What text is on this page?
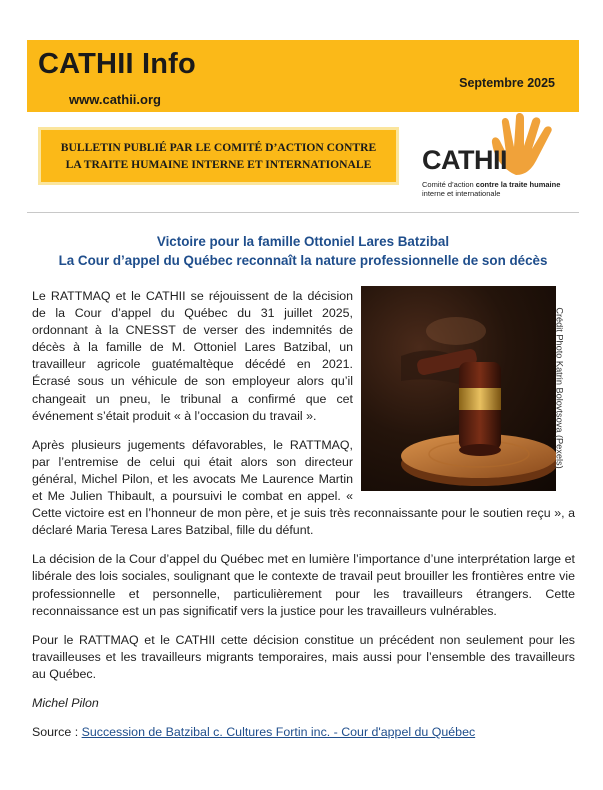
CATHII Info
www.cathii.org
Septembre 2025
BULLETIN PUBLIÉ PAR LE COMITÉ D’ACTION CONTRE
LA TRAITE HUMAINE INTERNE ET INTERNATIONALE CATHII
Comité d’action contre la traite humaine
interne et internationale
Victoire pour la famille Ottoniel Lares Batzibal
La Cour d’appel du Québec reconnaît la nature professionnelle de son décès
Crédit Photo Katrin Bolovtsova (Pexels)

Le RATTMAQ et le CATHII se réjouissent de la décision de la Cour d’appel du Québec du 31 juillet 2025, ordonnant à la CNESST de verser des indemnités de décès à la famille de M. Ottoniel Lares Batzibal, un travailleur agricole guatémaltèque décédé en 2021. Écrasé sous un véhicule de son employeur alors qu’il changeait un pneu, le tribunal a confirmé que cet événement s’était produit « à l’occasion du travail ».

Après plusieurs jugements défavorables, le RATTMAQ, par l’entremise de celui qui était alors son directeur général, Michel Pilon, et les avocats Me Laurence Martin et Me Julien Thibault, a poursuivi le combat en appel. « Cette victoire est en l’honneur de mon père, et je suis très reconnaissante pour le soutien reçu », a déclaré Maria Teresa Lares Batzibal, fille du défunt.

La décision de la Cour d’appel du Québec met en lumière l’importance d’une interprétation large et libérale des lois sociales, soulignant que le contexte de travail peut brouiller les frontières entre vie professionnelle et personnelle, particulièrement pour les travailleurs étrangers. Cette reconnaissance est un pas significatif vers la justice pour les travailleurs vulnérables.

Pour le RATTMAQ et le CATHII cette décision constitue un précédent non seulement pour les travailleuses et les travailleurs migrants temporaires, mais aussi pour l’ensemble des travailleurs au Québec.

Michel Pilon

Source : Succession de Batzibal c. Cultures Fortin inc. - Cour d'appel du Québec
